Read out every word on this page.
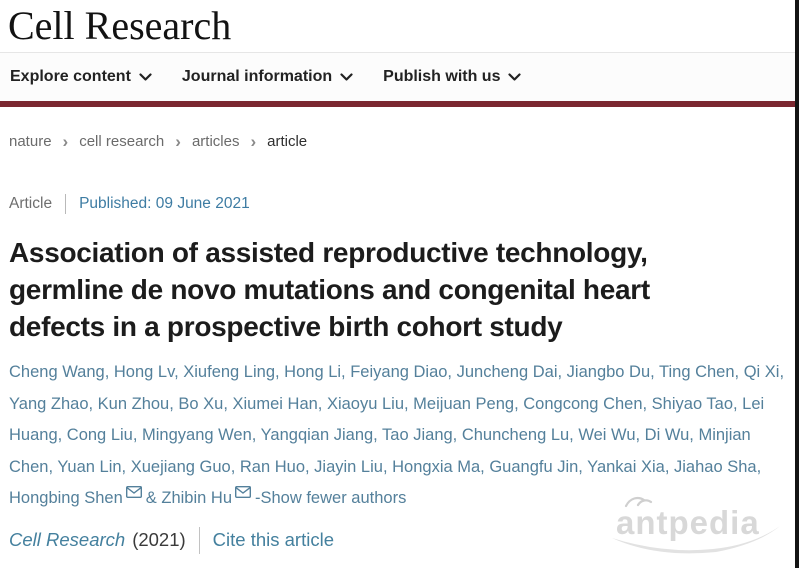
Cell Research
Explore content	Journal information	Publish with us
nature › cell research › articles › article
Article Published: 09 June 2021
Association of assisted reproductive technology,
germline de novo mutations and congenital heart
defects in a prospective birth cohort study

Cheng Wang, Hong Lv, Xiufeng Ling, Hong Li, Feiyang Diao, Juncheng Dai, Jiangbo Du, Ting Chen, Qi Xi, Yang Zhao, Kun Zhou, Bo Xu, Xiumei Han, Xiaoyu Liu, Meijuan Peng, Congcong Chen, Shiyao Tao, Lei Huang, Cong Liu, Mingyang Wen, Yangqian Jiang, Tao Jiang, Chuncheng Lu, Wei Wu, Di Wu, Minjian Chen, Yuan Lin, Xuejiang Guo, Ran Huo, Jiayin Liu, Hongxia Ma, Guangfu Jin, Yankai Xia, Jiahao Sha, Hongbing Shen & Zhibin Hu -Show fewer authors

Cell Research (2021) Cite this article	antpedia
